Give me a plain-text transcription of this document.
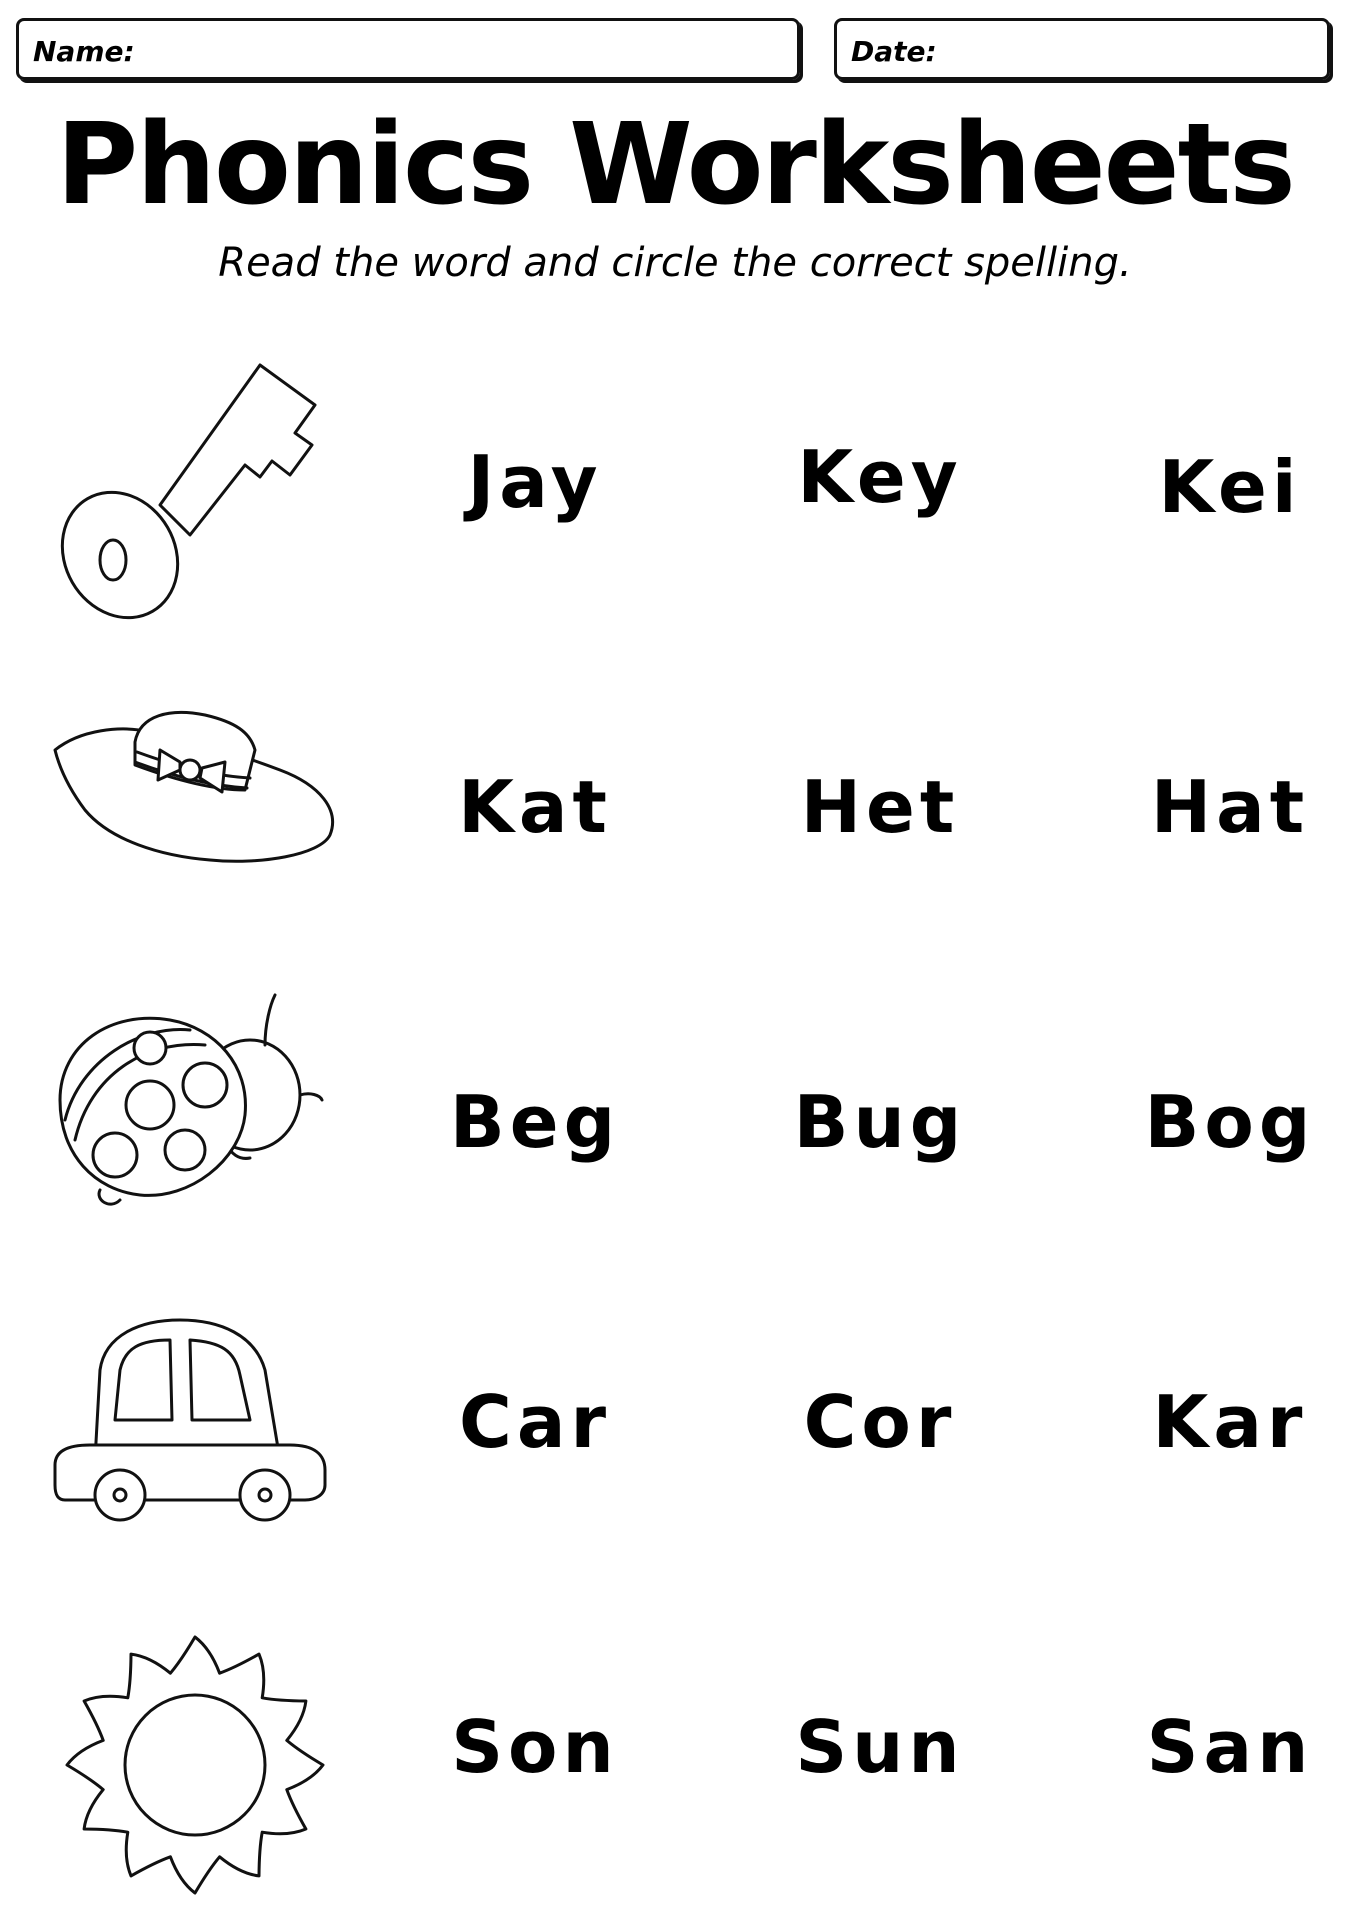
Name:	Date:
Phonics Worksheets
Read the word and circle the correct spelling.
Jay	Key	Kei
Kat	Het	Hat
Beg	Bug	Bog
Car	Cor	Kar
Son	Sun	San
